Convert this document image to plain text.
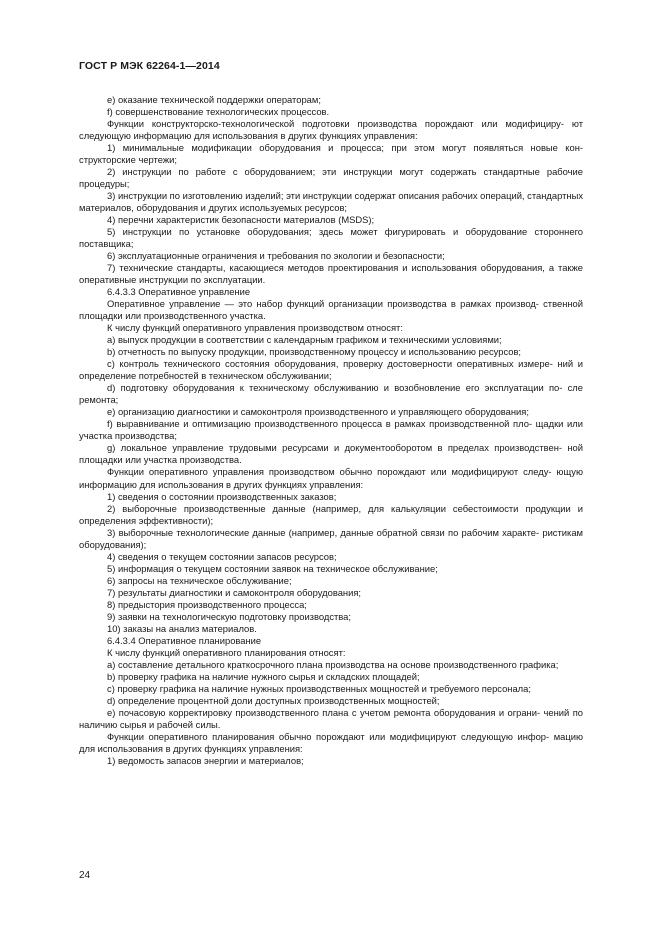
ГОСТ Р МЭК 62264-1—2014

е) оказание технической поддержки операторам;

f) совершенствование технологических процессов.

Функции конструкторско-технологической подготовки производства порождают или модифициру- ют следующую информацию для использования в других функциях управления:

1) минимальные модификации оборудования и процесса; при этом могут появляться новые кон- структорские чертежи;

2) инструкции по работе с оборудованием; эти инструкции могут содержать стандартные рабочие процедуры;

3) инструкции по изготовлению изделий; эти инструкции содержат описания рабочих операций, стандартных материалов, оборудования и других используемых ресурсов;

4) перечни характеристик безопасности материалов (MSDS);

5) инструкции по установке оборудования; здесь может фигурировать и оборудование стороннего поставщика;

6) эксплуатационные ограничения и требования по экологии и безопасности;

7) технические стандарты, касающиеся методов проектирования и использования оборудования, а также оперативные инструкции по эксплуатации.

6.4.3.3 Оперативное управление

Оперативное управление — это набор функций организации производства в рамках производ- ственной площадки или производственного участка.

К числу функций оперативного управления производством относят:

а) выпуск продукции в соответствии с календарным графиком и техническими условиями;

b) отчетность по выпуску продукции, производственному процессу и использованию ресурсов;

с) контроль технического состояния оборудования, проверку достоверности оперативных измере- ний и определение потребностей в техническом обслуживании;

d) подготовку оборудования к техническому обслуживанию и возобновление его эксплуатации по- сле ремонта;

е) организацию диагностики и самоконтроля производственного и управляющего оборудования;

f) выравнивание и оптимизацию производственного процесса в рамках производственной пло- щадки или участка производства;

g) локальное управление трудовыми ресурсами и документооборотом в пределах производствен- ной площадки или участка производства.

Функции оперативного управления производством обычно порождают или модифицируют следу- ющую информацию для использования в других функциях управления:

1) сведения о состоянии производственных заказов;

2) выборочные производственные данные (например, для калькуляции себестоимости продукции и определения эффективности);

3) выборочные технологические данные (например, данные обратной связи по рабочим характе- ристикам оборудования);

4) сведения о текущем состоянии запасов ресурсов;

5) информация о текущем состоянии заявок на техническое обслуживание;

6) запросы на техническое обслуживание;

7) результаты диагностики и самоконтроля оборудования;

8) предыстория производственного процесса;

9) заявки на технологическую подготовку производства;

10) заказы на анализ материалов.

6.4.3.4 Оперативное планирование

К числу функций оперативного планирования относят:

а) составление детального краткосрочного плана производства на основе производственного графика;

b) проверку графика на наличие нужного сырья и складских площадей;

с) проверку графика на наличие нужных производственных мощностей и требуемого персонала;

d) определение процентной доли доступных производственных мощностей;

е) почасовую корректировку производственного плана с учетом ремонта оборудования и ограни- чений по наличию сырья и рабочей силы.

Функции оперативного планирования обычно порождают или модифицируют следующую инфор- мацию для использования в других функциях управления:

1) ведомость запасов энергии и материалов;

24
